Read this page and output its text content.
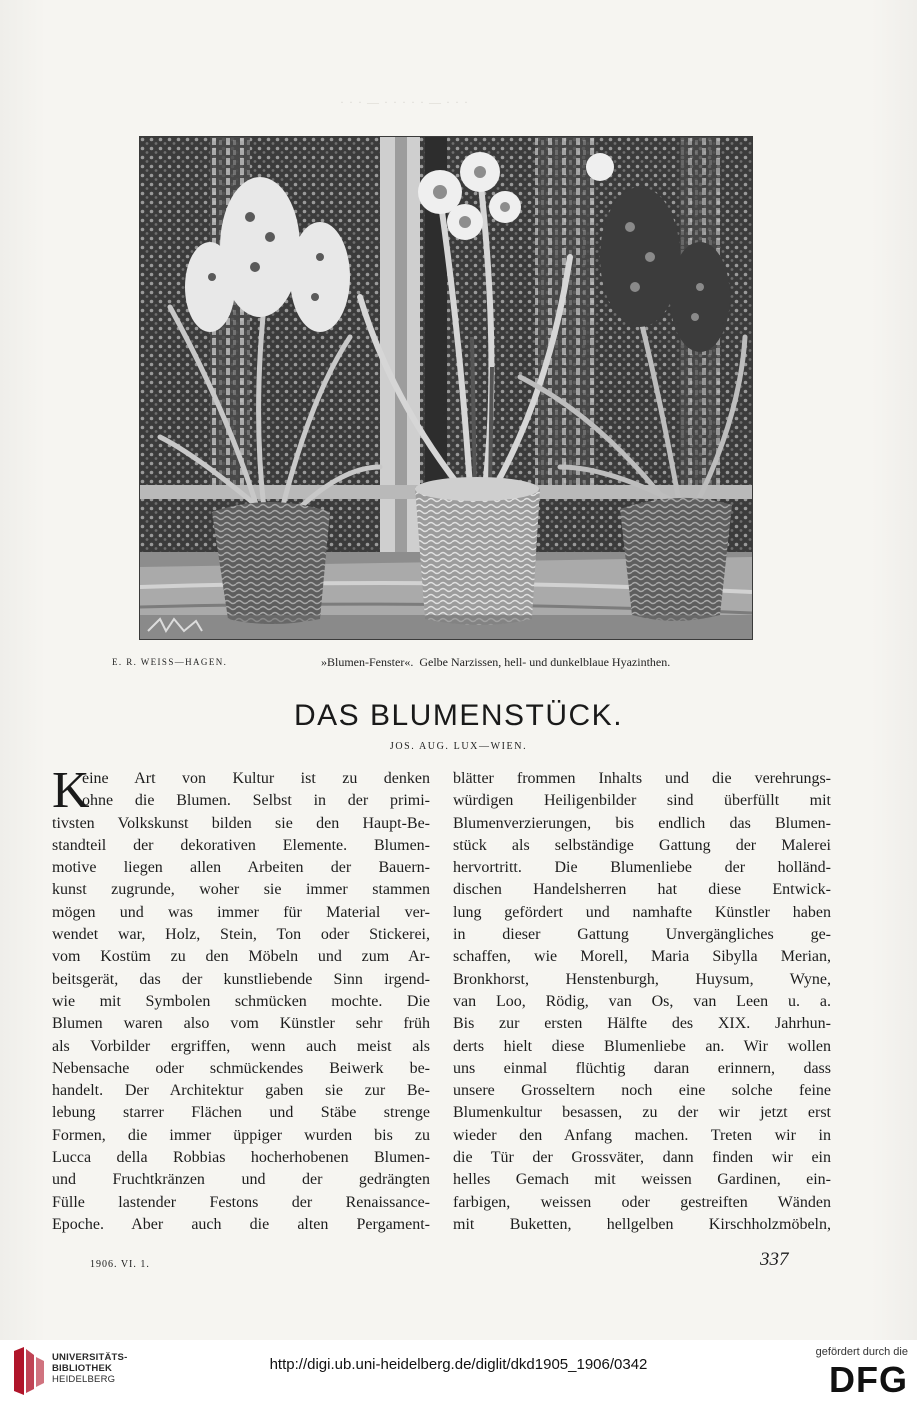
· · · — · · · · · — · · ·
E. R. WEISS—HAGEN.	»Blumen-Fenster«. Gelbe Narzissen, hell- und dunkelblaue Hyazinthen.
DAS BLUMENSTÜCK.
JOS. AUG. LUX—WIEN.
K
eine Art von Kultur ist zu denken
ohne die Blumen. Selbst in der primi-
tivsten Volkskunst bilden sie den Haupt-Be-
standteil der dekorativen Elemente. Blumen-
motive liegen allen Arbeiten der Bauern-
kunst zugrunde, woher sie immer stammen
mögen und was immer für Material ver-
wendet war, Holz, Stein, Ton oder Stickerei,
vom Kostüm zu den Möbeln und zum Ar-
beitsgerät, das der kunstliebende Sinn irgend-
wie mit Symbolen schmücken mochte. Die
Blumen waren also vom Künstler sehr früh
als Vorbilder ergriffen, wenn auch meist als
Nebensache oder schmückendes Beiwerk be-
handelt. Der Architektur gaben sie zur Be-
lebung starrer Flächen und Stäbe strenge
Formen, die immer üppiger wurden bis zu
Lucca della Robbias hocherhobenen Blumen-
und Fruchtkränzen und der gedrängten
Fülle lastender Festons der Renaissance-
Epoche. Aber auch die alten Pergament-
blätter frommen Inhalts und die verehrungs-
würdigen Heiligenbilder sind überfüllt mit
Blumenverzierungen, bis endlich das Blumen-
stück als selbständige Gattung der Malerei
hervortritt. Die Blumenliebe der holländ-
dischen Handelsherren hat diese Entwick-
lung gefördert und namhafte Künstler haben
in dieser Gattung Unvergängliches ge-
schaffen, wie Morell, Maria Sibylla Merian,
Bronkhorst, Henstenburgh, Huysum, Wyne,
van Loo, Rödig, van Os, van Leen u. a.
Bis zur ersten Hälfte des XIX. Jahrhun-
derts hielt diese Blumenliebe an. Wir wollen
uns einmal flüchtig daran erinnern, dass
unsere Grosseltern noch eine solche feine
Blumenkultur besassen, zu der wir jetzt erst
wieder den Anfang machen. Treten wir in
die Tür der Grossväter, dann finden wir ein
helles Gemach mit weissen Gardinen, ein-
farbigen, weissen oder gestreiften Wänden
mit Buketten, hellgelben Kirschholzmöbeln,
1906. VI. 1.	337
UNIVERSITÄTS-
BIBLIOTHEK
HEIDELBERG
http://digi.ub.uni-heidelberg.de/diglit/dkd1905_1906/0342
gefördert durch die
DFG
